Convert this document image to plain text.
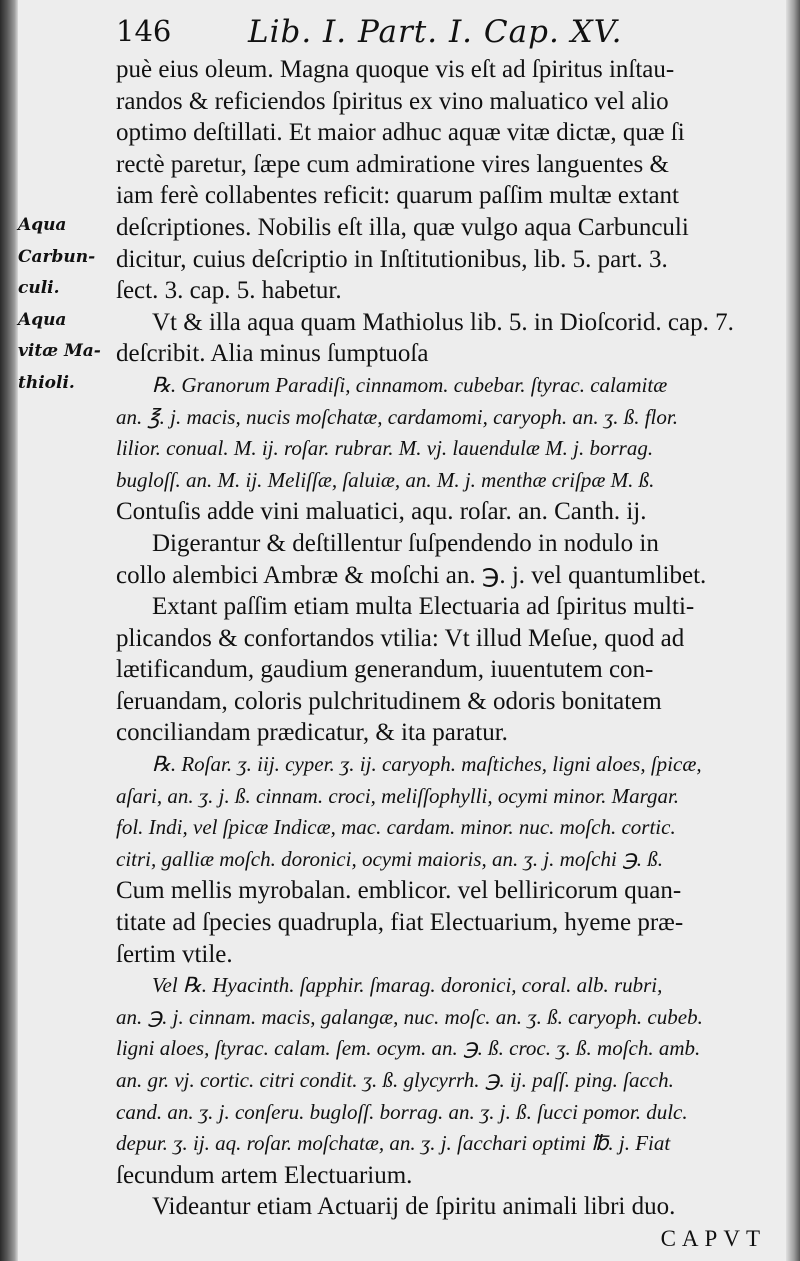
146 Lib. I. Part. I. Cap. XV.
Aqua
Carbun-
culi.
Aqua
vitæ Ma-
thioli.
puè eius oleum. Magna quoque vis eſt ad ſpiritus inſtau-
randos & reficiendos ſpiritus ex vino maluatico vel alio
optimo deſtillati. Et maior adhuc aquæ vitæ dictæ, quæ ſi
rectè paretur, ſæpe cum admiratione vires languentes &
iam ferè collabentes reficit: quarum paſſim multæ extant
deſcriptiones. Nobilis eſt illa, quæ vulgo aqua Carbunculi
dicitur, cuius deſcriptio in Inſtitutionibus, lib. 5. part. 3.
ſect. 3. cap. 5. habetur.
Vt & illa aqua quam Mathiolus lib. 5. in Dioſcorid. cap. 7.
deſcribit. Alia minus ſumptuoſa
℞. Granorum Paradiſi, cinnamom. cubebar. ſtyrac. calamitæ
an. ℥. j. macis, nucis moſchatæ, cardamomi, caryoph. an. ʒ. ß. flor.
lilior. conual. M. ij. roſar. rubrar. M. vj. lauendulæ M. j. borrag.
bugloſſ. an. M. ij. Meliſſæ, ſaluiæ, an. M. j. menthæ criſpæ M. ß.
Contuſis adde vini maluatici, aqu. roſar. an. Canth. ij.
Digerantur & deſtillentur ſuſpendendo in nodulo in
collo alembici Ambræ & moſchi an. ℈. j. vel quantumlibet.
Extant paſſim etiam multa Electuaria ad ſpiritus multi-
plicandos & confortandos vtilia: Vt illud Meſue, quod ad
lætificandum, gaudium generandum, iuuentutem con-
ſeruandam, coloris pulchritudinem & odoris bonitatem
conciliandam prædicatur, & ita paratur.
℞. Roſar. ʒ. iij. cyper. ʒ. ij. caryoph. maſtiches, ligni aloes, ſpicæ,
aſari, an. ʒ. j. ß. cinnam. croci, meliſſophylli, ocymi minor. Margar.
fol. Indi, vel ſpicæ Indicæ, mac. cardam. minor. nuc. moſch. cortic.
citri, galliæ moſch. doronici, ocymi maioris, an. ʒ. j. moſchi ℈. ß.
Cum mellis myrobalan. emblicor. vel belliricorum quan-
titate ad ſpecies quadrupla, fiat Electuarium, hyeme præ-
ſertim vtile.
Vel ℞. Hyacinth. ſapphir. ſmarag. doronici, coral. alb. rubri,
an. ℈. j. cinnam. macis, galangæ, nuc. moſc. an. ʒ. ß. caryoph. cubeb.
ligni aloes, ſtyrac. calam. ſem. ocym. an. ℈. ß. croc. ʒ. ß. moſch. amb.
an. gr. vj. cortic. citri condit. ʒ. ß. glycyrrh. ℈. ij. paſſ. ping. ſacch.
cand. an. ʒ. j. conſeru. bugloſſ. borrag. an. ʒ. j. ß. ſucci pomor. dulc.
depur. ʒ. ij. aq. roſar. moſchatæ, an. ʒ. j. ſacchari optimi ℔. j. Fiat
ſecundum artem Electuarium.
Videantur etiam Actuarij de ſpiritu animali libri duo.
CAPVT
